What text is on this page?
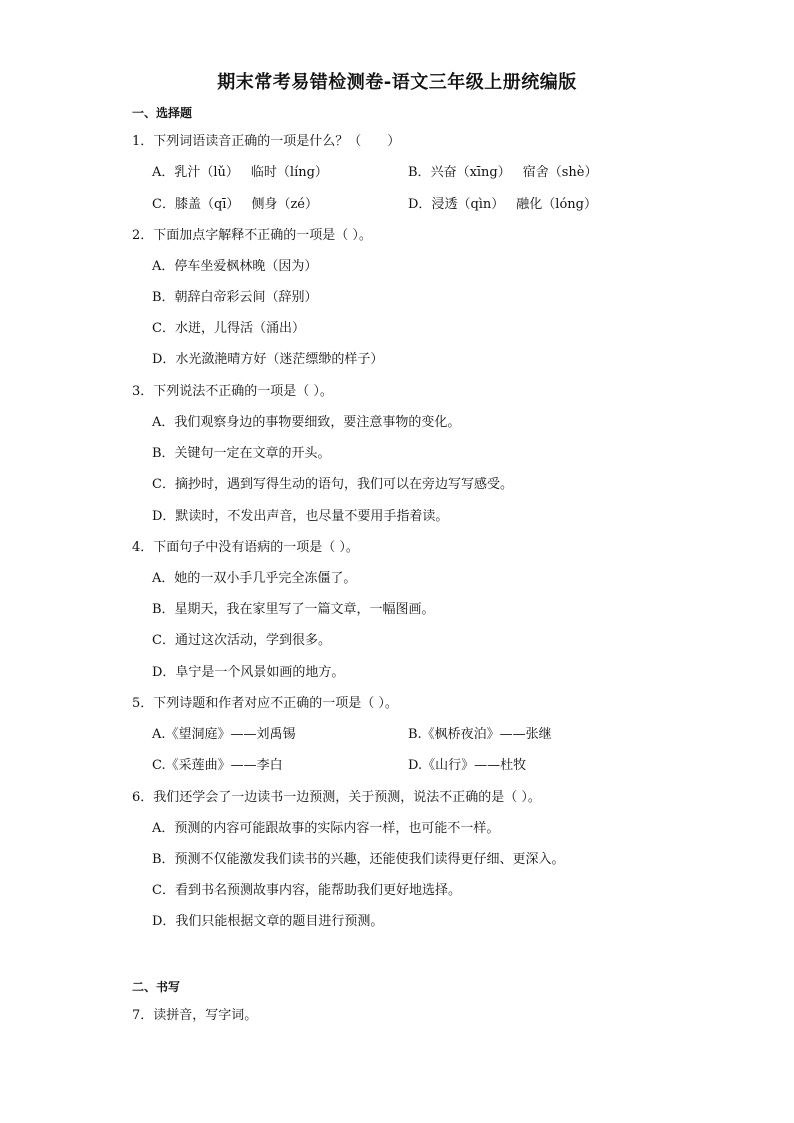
期末常考易错检测卷-语文三年级上册统编版
一、选择题
1．下列词语读音正确的一项是什么？（　　）
A．乳汁（lǔ） 临时（líng）	B．兴奋（xīng） 宿舍（shè）
C．膝盖（qī） 侧身（zé）	D．浸透（qìn） 融化（lóng）
2．下面加点字解释不正确的一项是（ ）。
A．停车坐爱枫林晚（因为）
B．朝辞白帝彩云间（辞别）
C．水迸，儿得活（涌出）
D．水光潋滟晴方好（迷茫缥缈的样子）
3．下列说法不正确的一项是（ ）。
A．我们观察身边的事物要细致，要注意事物的变化。
B．关键句一定在文章的开头。
C．摘抄时，遇到写得生动的语句，我们可以在旁边写写感受。
D．默读时，不发出声音，也尽量不要用手指着读。
4．下面句子中没有语病的一项是（ ）。
A．她的一双小手几乎完全冻僵了。
B．星期天，我在家里写了一篇文章，一幅图画。
C．通过这次活动，学到很多。
D．阜宁是一个风景如画的地方。
5．下列诗题和作者对应不正确的一项是（ ）。
A.《望洞庭》——刘禹锡	B.《枫桥夜泊》——张继
C.《采莲曲》——李白	D.《山行》——杜牧
6．我们还学会了一边读书一边预测，关于预测，说法不正确的是（ ）。
A．预测的内容可能跟故事的实际内容一样，也可能不一样。
B．预测不仅能激发我们读书的兴趣，还能使我们读得更仔细、更深入。
C．看到书名预测故事内容，能帮助我们更好地选择。
D．我们只能根据文章的题目进行预测。
二、书写
7．读拼音，写字词。
